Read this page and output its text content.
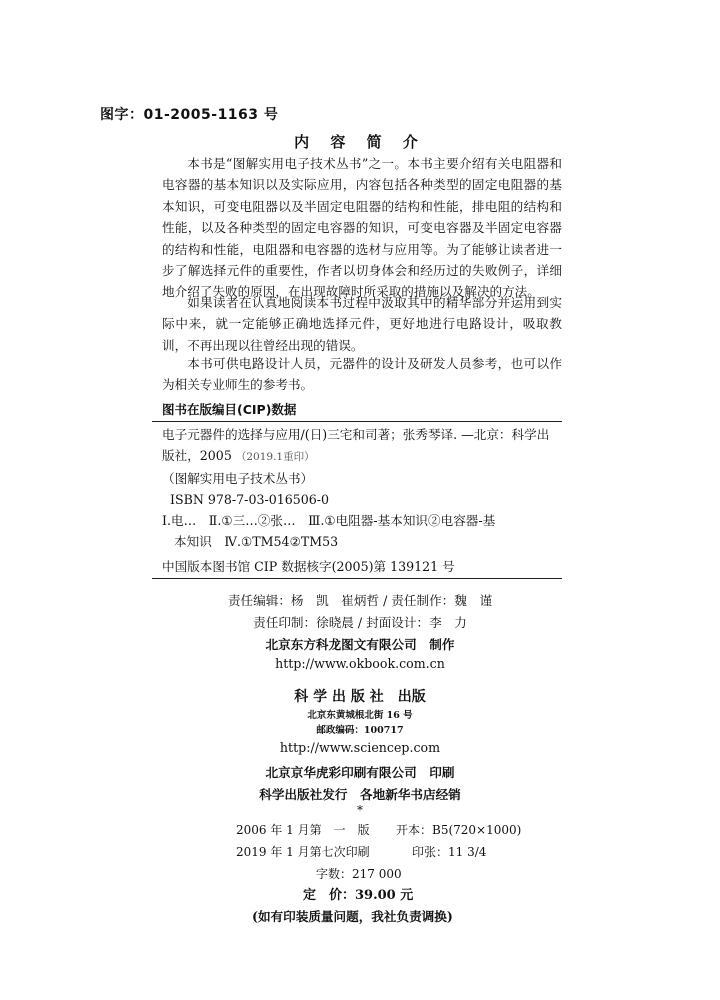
图字：01-2005-1163 号
内 容 简 介

本书是“图解实用电子技术丛书”之一。本书主要介绍有关电阻器和电容器的基本知识以及实际应用，内容包括各种类型的固定电阻器的基本知识，可变电阻器以及半固定电阻器的结构和性能，排电阻的结构和性能，以及各种类型的固定电容器的知识，可变电容器及半固定电容器的结构和性能，电阻器和电容器的选材与应用等。为了能够让读者进一步了解选择元件的重要性，作者以切身体会和经历过的失败例子，详细地介绍了失败的原因，在出现故障时所采取的措施以及解决的方法。

如果读者在认真地阅读本书过程中汲取其中的精华部分并运用到实际中来，就一定能够正确地选择元件，更好地进行电路设计，吸取教训，不再出现以往曾经出现的错误。

本书可供电路设计人员，元器件的设计及研发人员参考，也可以作为相关专业师生的参考书。

图书在版编目(CIP)数据
电子元器件的选择与应用/(日)三宅和司著；张秀琴译. —北京：科学出
版社，2005 （2019.1重印）
（图解实用电子技术丛书）
ISBN 978-7-03-016506-0
Ⅰ.电…　Ⅱ.①三…②张…　Ⅲ.①电阻器-基本知识②电容器-基
本知识　Ⅳ.①TM54②TM53
中国版本图书馆 CIP 数据核字(2005)第 139121 号
责任编辑：杨　凯　崔炳哲 / 责任制作：魏　谨
责任印制：徐晓晨 / 封面设计：李　力
北京东方科龙图文有限公司　制作
http://www.okbook.com.cn
科 学 出 版 社　出版
北京东黄城根北街 16 号
邮政编码：100717
http://www.sciencep.com
北京京华虎彩印刷有限公司　印刷
科学出版社发行　各地新华书店经销
*
2006 年 1 月第　一　版 开本：B5(720×1000)
2019 年 1 月第七次印刷	印张：11 3/4
字数：217 000
定　价：39.00 元
(如有印装质量问题，我社负责调换)
